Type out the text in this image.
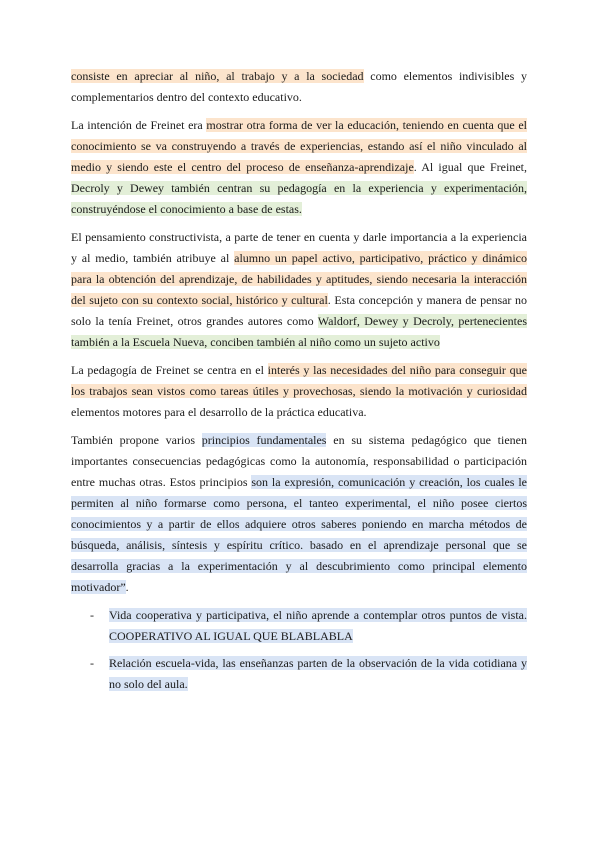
consiste en apreciar al niño, al trabajo y a la sociedad como elementos indivisibles y complementarios dentro del contexto educativo.

La intención de Freinet era mostrar otra forma de ver la educación, teniendo en cuenta que el conocimiento se va construyendo a través de experiencias, estando así el niño vinculado al medio y siendo este el centro del proceso de enseñanza-aprendizaje. Al igual que Freinet, Decroly y Dewey también centran su pedagogía en la experiencia y experimentación, construyéndose el conocimiento a base de estas.

El pensamiento constructivista, a parte de tener en cuenta y darle importancia a la experiencia y al medio, también atribuye al alumno un papel activo, participativo, práctico y dinámico para la obtención del aprendizaje, de habilidades y aptitudes, siendo necesaria la interacción del sujeto con su contexto social, histórico y cultural. Esta concepción y manera de pensar no solo la tenía Freinet, otros grandes autores como Waldorf, Dewey y Decroly, pertenecientes también a la Escuela Nueva, conciben también al niño como un sujeto activo

La pedagogía de Freinet se centra en el interés y las necesidades del niño para conseguir que los trabajos sean vistos como tareas útiles y provechosas, siendo la motivación y curiosidad elementos motores para el desarrollo de la práctica educativa.

También propone varios principios fundamentales en su sistema pedagógico que tienen importantes consecuencias pedagógicas como la autonomía, responsabilidad o participación entre muchas otras. Estos principios son la expresión, comunicación y creación, los cuales le permiten al niño formarse como persona, el tanteo experimental, el niño posee ciertos conocimientos y a partir de ellos adquiere otros saberes poniendo en marcha métodos de búsqueda, análisis, síntesis y espíritu crítico. basado en el aprendizaje personal que se desarrolla gracias a la experimentación y al descubrimiento como principal elemento motivador”.

- Vida cooperativa y participativa, el niño aprende a contemplar otros puntos de vista. COOPERATIVO AL IGUAL QUE BLABLABLA
- Relación escuela-vida, las enseñanzas parten de la observación de la vida cotidiana y no solo del aula.
